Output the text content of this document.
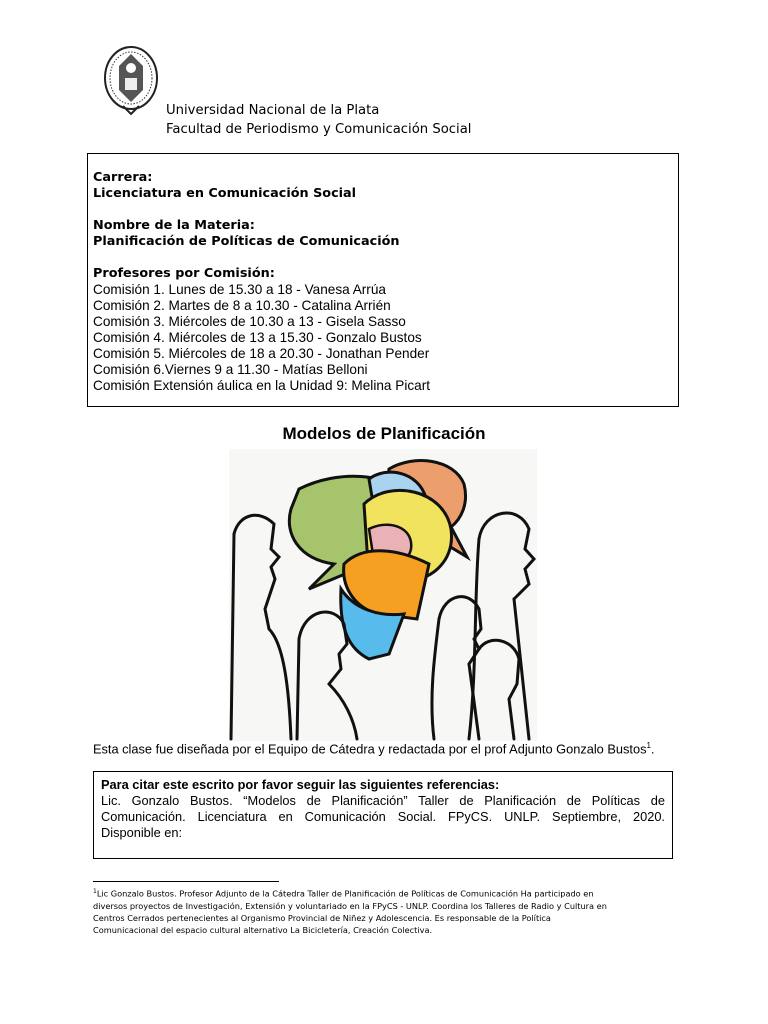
Universidad Nacional de la Plata
Facultad de Periodismo y Comunicación Social
Carrera:
Licenciatura en Comunicación Social
Nombre de la Materia:
Planificación de Políticas de Comunicación
Profesores por Comisión:
Comisión 1. Lunes de 15.30 a 18 - Vanesa Arrúa
Comisión 2. Martes de 8 a 10.30 - Catalina Arrién
Comisión 3. Miércoles de 10.30 a 13 - Gisela Sasso
Comisión 4. Miércoles de 13 a 15.30 - Gonzalo Bustos
Comisión 5. Miércoles de 18 a 20.30 - Jonathan Pender
Comisión 6.Viernes 9 a 11.30 - Matías Belloni
Comisión Extensión áulica en la Unidad 9: Melina Picart
Modelos de Planificación
Esta clase fue diseñada por el Equipo de Cátedra y redactada por el prof Adjunto Gonzalo Bustos$^1$.
Para citar este escrito por favor seguir las siguientes referencias:
Lic. Gonzalo Bustos. “Modelos de Planificación” Taller de Planificación de Políticas de
Comunicación. Licenciatura en Comunicación Social. FPyCS. UNLP. Septiembre, 2020.
Disponible en:
$^1$Lic Gonzalo Bustos. Profesor Adjunto de la Cátedra Taller de Planificación de Políticas de Comunicación Ha participado en
diversos proyectos de Investigación, Extensión y voluntariado en la FPyCS - UNLP. Coordina los Talleres de Radio y Cultura en
Centros Cerrados pertenecientes al Organismo Provincial de Niñez y Adolescencia. Es responsable de la Política
Comunicacional del espacio cultural alternativo La Bicicletería, Creación Colectiva.
